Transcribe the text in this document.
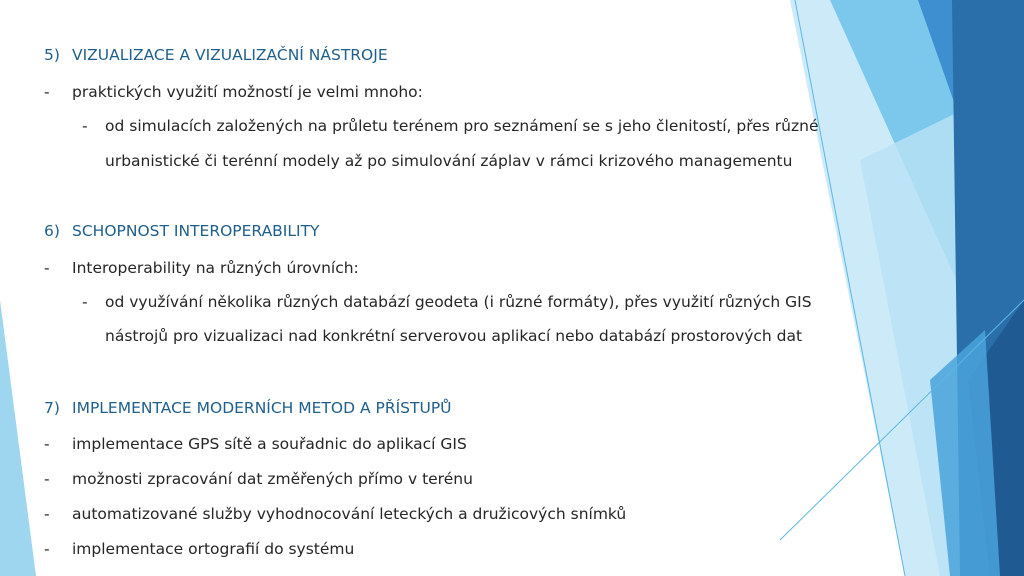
5) VIZUALIZACE A VIZUALIZAČNÍ NÁSTROJE
- praktických využití možností je velmi mnoho:
- od simulacích založených na průletu terénem pro seznámení se s jeho členitostí, přes různé
urbanistické či terénní modely až po simulování záplav v rámci krizového managementu
6) SCHOPNOST INTEROPERABILITY
- Interoperability na různých úrovních:
- od využívání několika různých databází geodeta (i různé formáty), přes využití různých GIS
nástrojů pro vizualizaci nad konkrétní serverovou aplikací nebo databází prostorových dat
7) IMPLEMENTACE MODERNÍCH METOD A PŘÍSTUPŮ
- implementace GPS sítě a souřadnic do aplikací GIS
- možnosti zpracování dat změřených přímo v terénu
- automatizované služby vyhodnocování leteckých a družicových snímků
- implementace ortografií do systému
